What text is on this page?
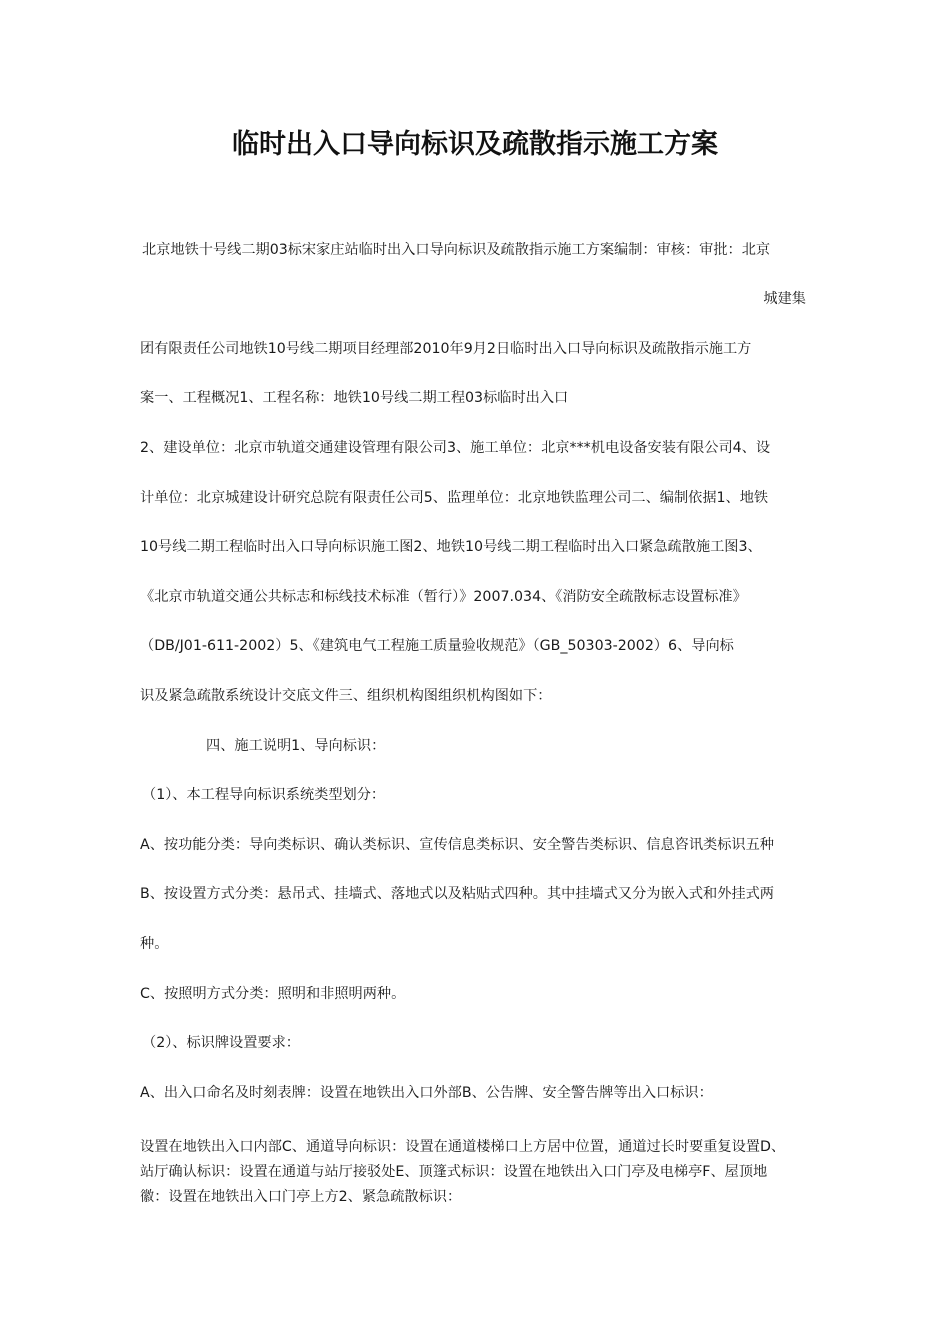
临时出入口导向标识及疏散指示施工方案
北京地铁十号线二期03标宋家庄站临时出入口导向标识及疏散指示施工方案编制：审核：审批：北京
城建集
团有限责任公司地铁10号线二期项目经理部2010年9月2日临时出入口导向标识及疏散指示施工方
案一、工程概况1、工程名称：地铁10号线二期工程03标临时出入口
2、建设单位：北京市轨道交通建设管理有限公司3、施工单位：北京***机电设备安装有限公司4、设
计单位：北京城建设计研究总院有限责任公司5、监理单位：北京地铁监理公司二、编制依据1、地铁
10号线二期工程临时出入口导向标识施工图2、地铁10号线二期工程临时出入口紧急疏散施工图3、
《北京市轨道交通公共标志和标线技术标准（暂行）》2007.034、《消防安全疏散标志设置标准》
（DB/J01-611-2002）5、《建筑电气工程施工质量验收规范》（GB_50303-2002）6、导向标
识及紧急疏散系统设计交底文件三、组织机构图组织机构图如下：
四、施工说明1、导向标识：
（1）、本工程导向标识系统类型划分：
A、按功能分类：导向类标识、确认类标识、宣传信息类标识、安全警告类标识、信息咨讯类标识五种
B、按设置方式分类：悬吊式、挂墙式、落地式以及粘贴式四种。其中挂墙式又分为嵌入式和外挂式两
种。
C、按照明方式分类：照明和非照明两种。
（2）、标识牌设置要求：
A、出入口命名及时刻表牌：设置在地铁出入口外部B、公告牌、安全警告牌等出入口标识：
设置在地铁出入口内部C、通道导向标识：设置在通道楼梯口上方居中位置，通道过长时要重复设置D、
站厅确认标识：设置在通道与站厅接驳处E、顶篷式标识：设置在地铁出入口门亭及电梯亭F、屋顶地
徽：设置在地铁出入口门亭上方2、紧急疏散标识：
